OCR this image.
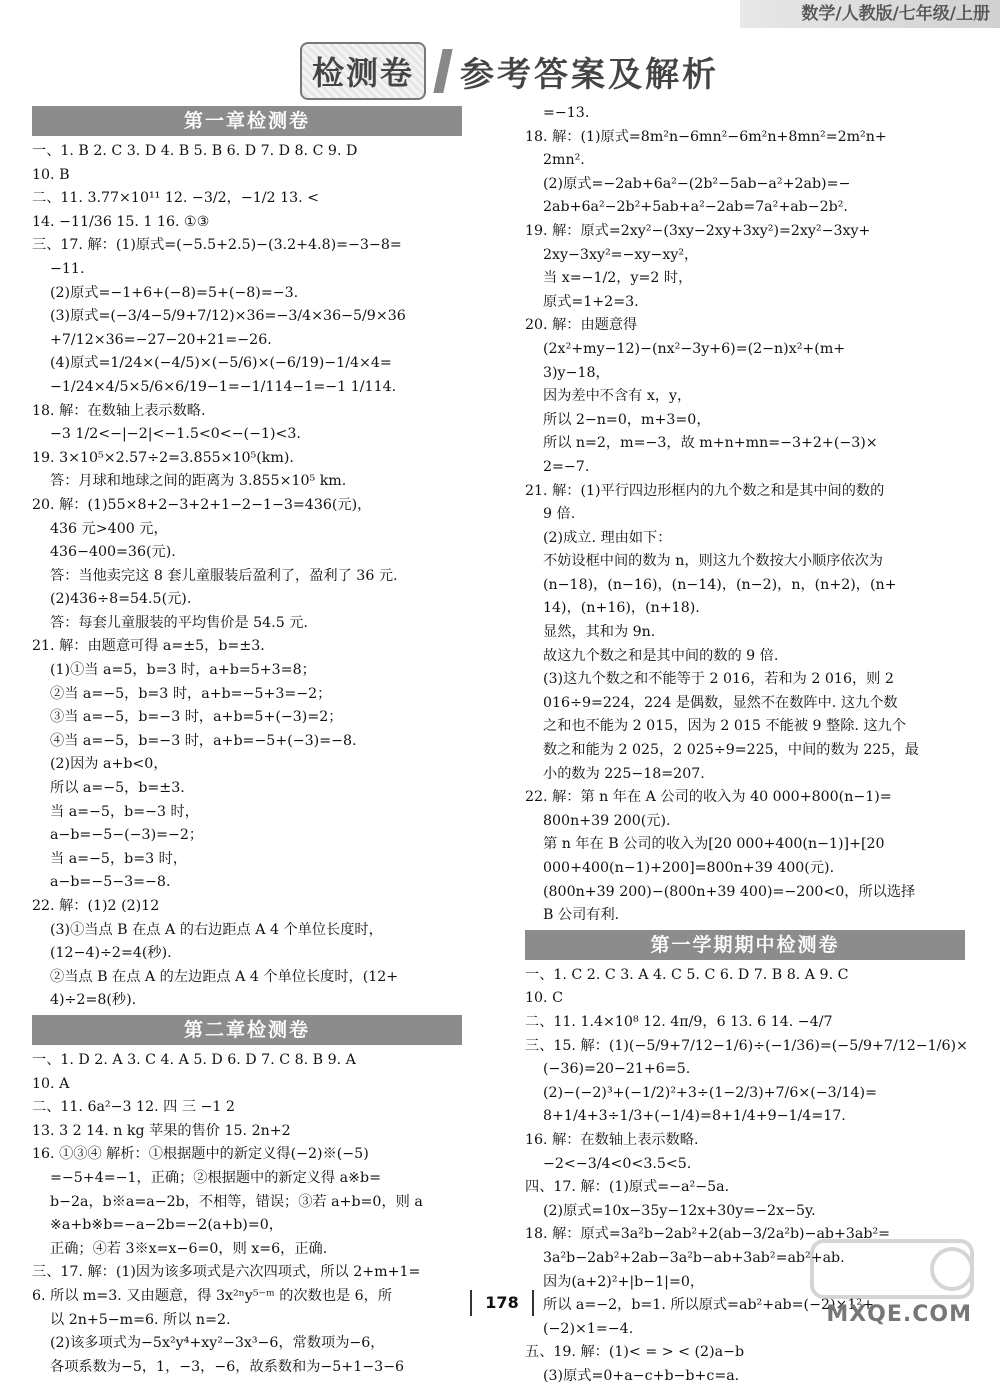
数学/人教版/七年级/上册
检测卷	参考答案及解析
第一章检测卷
一、1. B 2. C 3. D 4. B 5. B 6. D 7. D 8. C 9. D
10. B
二、11. 3.77×10¹¹ 12. −3/2，−1/2 13. <
14. −11/36 15. 1 16. ①③
三、17. 解：(1)原式=(−5.5+2.5)−(3.2+4.8)=−3−8=
−11.
(2)原式=−1+6+(−8)=5+(−8)=−3.
(3)原式=(−3/4−5/9+7/12)×36=−3/4×36−5/9×36
+7/12×36=−27−20+21=−26.
(4)原式=1/24×(−4/5)×(−5/6)×(−6/19)−1/4×4=
−1/24×4/5×5/6×6/19−1=−1/114−1=−1 1/114.
18. 解：在数轴上表示数略.
−3 1/2<−|−2|<−1.5<0<−(−1)<3.
19. 3×10⁵×2.57÷2=3.855×10⁵(km).
答：月球和地球之间的距离为 3.855×10⁵ km.
20. 解：(1)55×8+2−3+2+1−2−1−3=436(元)，
436 元>400 元，
436−400=36(元).
答：当他卖完这 8 套儿童服装后盈利了，盈利了 36 元.
(2)436÷8=54.5(元).
答：每套儿童服装的平均售价是 54.5 元.
21. 解：由题意可得 a=±5，b=±3.
(1)①当 a=5，b=3 时，a+b=5+3=8；
②当 a=−5，b=3 时，a+b=−5+3=−2；
③当 a=−5，b=−3 时，a+b=5+(−3)=2；
④当 a=−5，b=−3 时，a+b=−5+(−3)=−8.
(2)因为 a+b<0，
所以 a=−5，b=±3.
当 a=−5，b=−3 时，
a−b=−5−(−3)=−2；
当 a=−5，b=3 时，
a−b=−5−3=−8.
22. 解：(1)2 (2)12
(3)①当点 B 在点 A 的右边距点 A 4 个单位长度时，
(12−4)÷2=4(秒).
②当点 B 在点 A 的左边距点 A 4 个单位长度时，(12+
4)÷2=8(秒).
第二章检测卷
一、1. D 2. A 3. C 4. A 5. D 6. D 7. C 8. B 9. A
10. A
二、11. 6a²−3 12. 四 三 −1 2
13. 3 2 14. n kg 苹果的售价 15. 2n+2
16. ①③④ 解析：①根据题中的新定义得(−2)※(−5)
=−5+4=−1，正确；②根据题中的新定义得 a※b=
b−2a，b※a=a−2b，不相等，错误；③若 a+b=0，则 a
※a+b※b=−a−2b=−2(a+b)=0，
正确；④若 3※x=x−6=0，则 x=6，正确.
三、17. 解：(1)因为该多项式是六次四项式，所以 2+m+1=
6. 所以 m=3. 又由题意，得 3x²ⁿy⁵⁻ᵐ 的次数也是 6，所
以 2n+5−m=6. 所以 n=2.
(2)该多项式为−5x²y⁴+xy²−3x³−6，常数项为−6，
各项系数为−5，1，−3，−6，故系数和为−5+1−3−6
=−13.
18. 解：(1)原式=8m²n−6mn²−6m²n+8mn²=2m²n+
2mn².
(2)原式=−2ab+6a²−(2b²−5ab−a²+2ab)=−
2ab+6a²−2b²+5ab+a²−2ab=7a²+ab−2b².
19. 解：原式=2xy²−(3xy−2xy+3xy²)=2xy²−3xy+
2xy−3xy²=−xy−xy²，
当 x=−1/2，y=2 时，
原式=1+2=3.
20. 解：由题意得
(2x²+my−12)−(nx²−3y+6)=(2−n)x²+(m+
3)y−18，
因为差中不含有 x，y，
所以 2−n=0，m+3=0，
所以 n=2，m=−3，故 m+n+mn=−3+2+(−3)×
2=−7.
21. 解：(1)平行四边形框内的九个数之和是其中间的数的
9 倍.
(2)成立. 理由如下：
不妨设框中间的数为 n，则这九个数按大小顺序依次为
(n−18)，(n−16)，(n−14)，(n−2)，n，(n+2)，(n+
14)，(n+16)，(n+18).
显然，其和为 9n.
故这九个数之和是其中间的数的 9 倍.
(3)这九个数之和不能等于 2 016，若和为 2 016，则 2
016÷9=224，224 是偶数，显然不在数阵中. 这九个数
之和也不能为 2 015，因为 2 015 不能被 9 整除. 这九个
数之和能为 2 025，2 025÷9=225，中间的数为 225，最
小的数为 225−18=207.
22. 解：第 n 年在 A 公司的收入为 40 000+800(n−1)=
800n+39 200(元).
第 n 年在 B 公司的收入为[20 000+400(n−1)]+[20
000+400(n−1)+200]=800n+39 400(元).
(800n+39 200)−(800n+39 400)=−200<0，所以选择
B 公司有利.
第一学期期中检测卷
一、1. C 2. C 3. A 4. C 5. C 6. D 7. B 8. A 9. C
10. C
二、11. 1.4×10⁸ 12. 4π/9，6 13. 6 14. −4/7
三、15. 解：(1)(−5/9+7/12−1/6)÷(−1/36)=(−5/9+7/12−1/6)×
(−36)=20−21+6=5.
(2)−(−2)³+(−1/2)²+3÷(1−2/3)+7/6×(−3/14)=
8+1/4+3÷1/3+(−1/4)=8+1/4+9−1/4=17.
16. 解：在数轴上表示数略.
−2<−3/4<0<3.5<5.
四、17. 解：(1)原式=−a²−5a.
(2)原式=10x−35y−12x+30y=−2x−5y.
18. 解：原式=3a²b−2ab²+2(ab−3/2a²b)−ab+3ab²=
3a²b−2ab²+2ab−3a²b−ab+3ab²=ab²+ab.
因为(a+2)²+|b−1|=0，
所以 a=−2，b=1. 所以原式=ab²+ab=(−2)×1²+
(−2)×1=−4.
五、19. 解：(1)< = > < (2)a−b
(3)原式=0+a−c+b−b+c=a.
178	MXQE.COM
